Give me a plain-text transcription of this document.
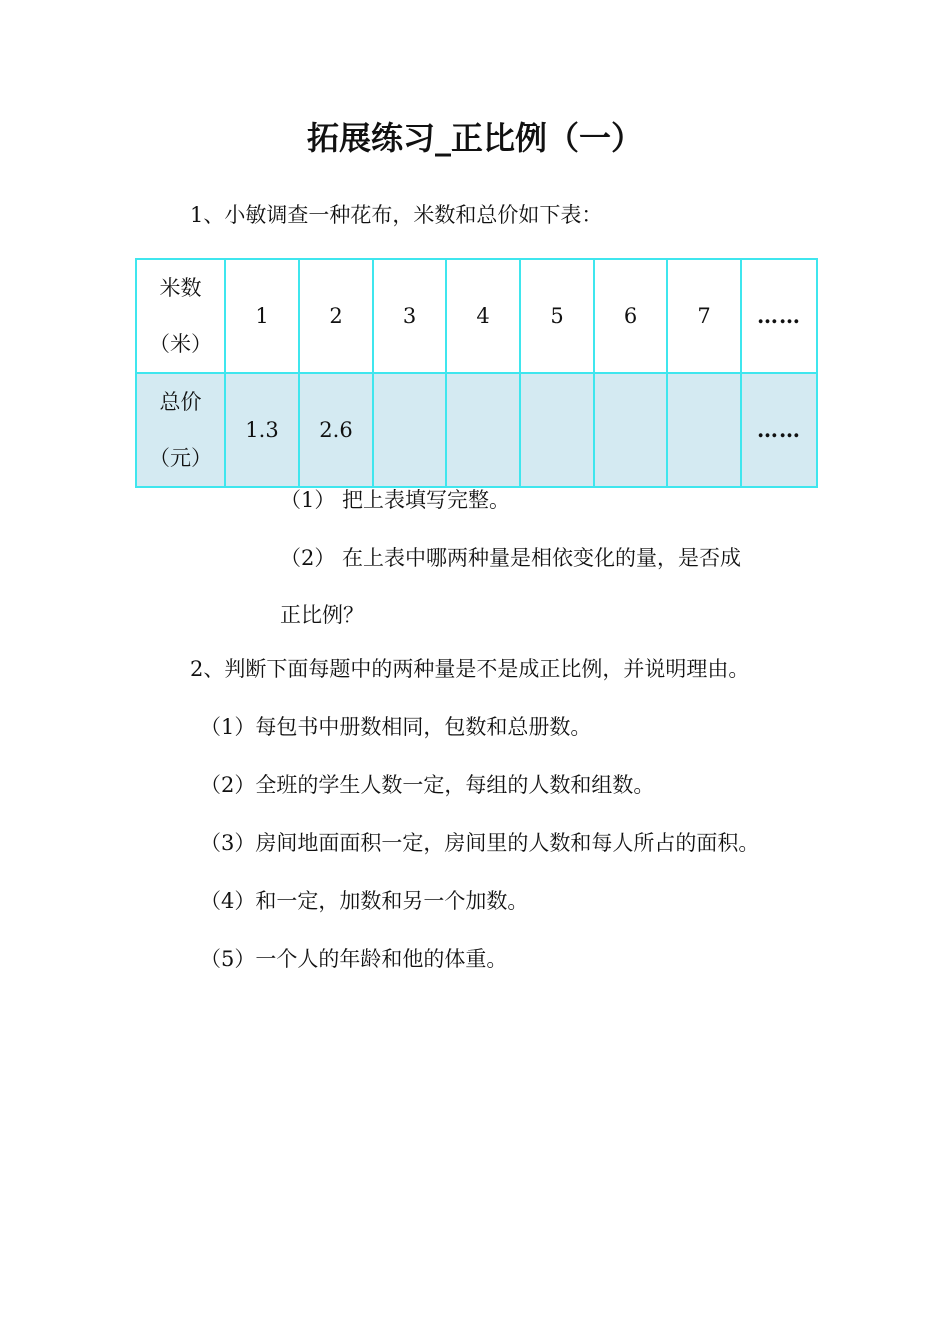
拓展练习_正比例（一）

1、小敏调查一种花布，米数和总价如下表：

米数
（米）	1	2	3	4	5	6	7	……

总价
（元）	1.3	2.6						……

（1） 把上表填写完整。

（2） 在上表中哪两种量是相依变化的量，是否成

正比例？

2、判断下面每题中的两种量是不是成正比例，并说明理由。

（1）每包书中册数相同，包数和总册数。

（2）全班的学生人数一定，每组的人数和组数。

（3）房间地面面积一定，房间里的人数和每人所占的面积。

（4）和一定，加数和另一个加数。

（5）一个人的年龄和他的体重。
